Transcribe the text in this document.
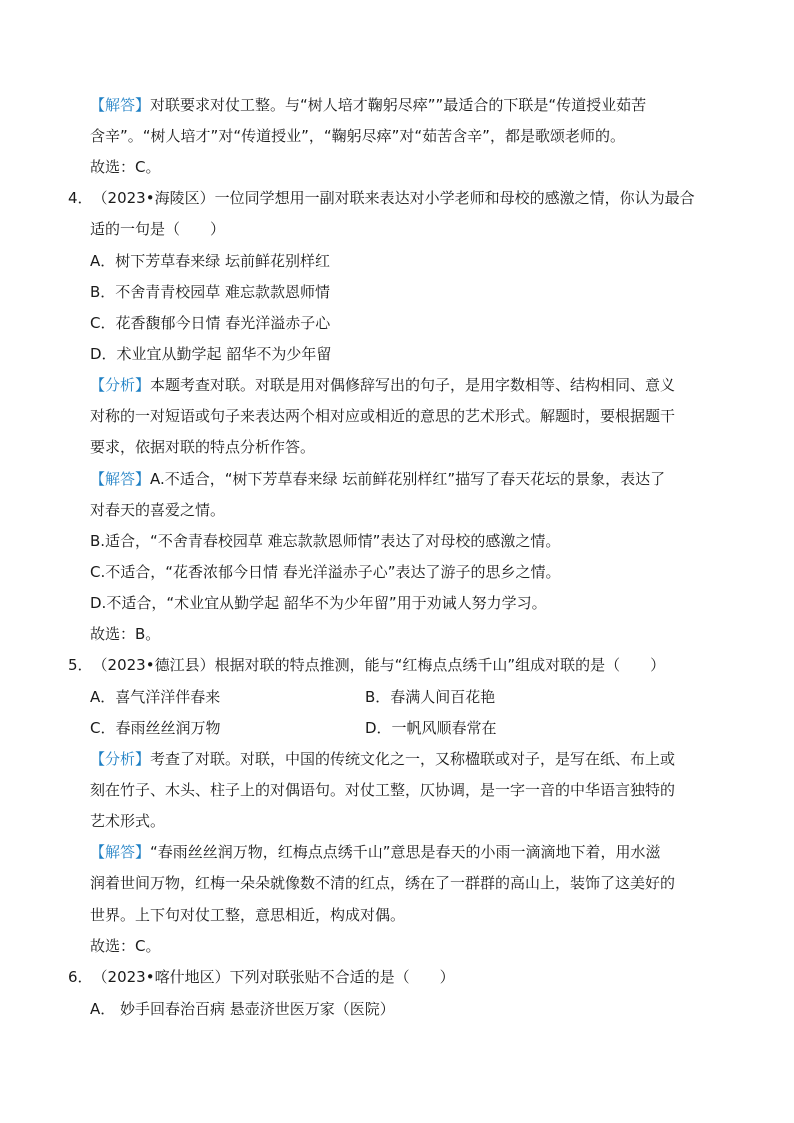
【解答】对联要求对仗工整。与“树人培才鞠躬尽瘁””最适合的下联是“传道授业茹苦
含辛”。“树人培才”对“传道授业”，“鞠躬尽瘁”对“茹苦含辛”，都是歌颂老师的。
故选：C。
4．（2023•海陵区）一位同学想用一副对联来表达对小学老师和母校的感激之情，你认为最合
适的一句是（　　）
A．树下芳草春来绿 坛前鲜花别样红
B．不舍青青校园草 难忘款款恩师情
C．花香馥郁今日情 春光洋溢赤子心
D．术业宜从勤学起 韶华不为少年留
【分析】本题考查对联。对联是用对偶修辞写出的句子，是用字数相等、结构相同、意义
对称的一对短语或句子来表达两个相对应或相近的意思的艺术形式。解题时，要根据题干
要求，依据对联的特点分析作答。
【解答】A.不适合，“树下芳草春来绿 坛前鲜花别样红”描写了春天花坛的景象，表达了
对春天的喜爱之情。
B.适合，“不舍青春校园草 难忘款款恩师情”表达了对母校的感激之情。
C.不适合，“花香浓郁今日情 春光洋溢赤子心”表达了游子的思乡之情。
D.不适合，“术业宜从勤学起 韶华不为少年留”用于劝诫人努力学习。
故选：B。
5．（2023•德江县）根据对联的特点推测，能与“红梅点点绣千山”组成对联的是（　　）
A．喜气洋洋伴春来	B．春满人间百花艳
C．春雨丝丝润万物	D．一帆风顺春常在
【分析】考查了对联。对联，中国的传统文化之一，又称楹联或对子，是写在纸、布上或
刻在竹子、木头、柱子上的对偶语句。对仗工整，仄协调，是一字一音的中华语言独特的
艺术形式。
【解答】“春雨丝丝润万物，红梅点点绣千山”意思是春天的小雨一滴滴地下着，用水滋
润着世间万物，红梅一朵朵就像数不清的红点，绣在了一群群的高山上，装饰了这美好的
世界。上下句对仗工整，意思相近，构成对偶。
故选：C。
6．（2023•喀什地区）下列对联张贴不合适的是（　　）
A． 妙手回春治百病 悬壶济世医万家（医院）
